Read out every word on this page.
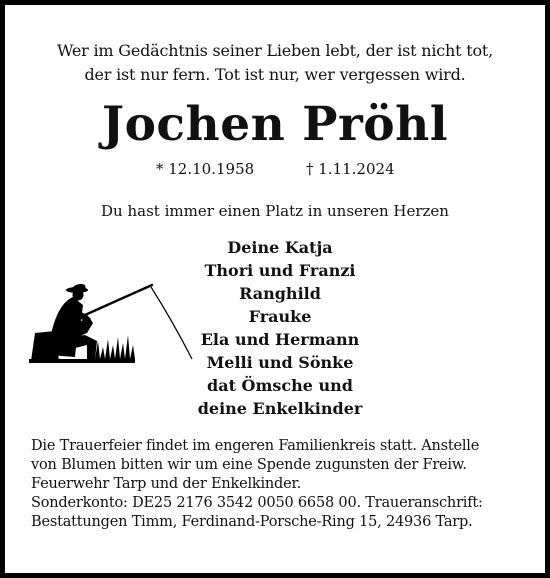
Wer im Gedächtnis seiner Lieben lebt, der ist nicht tot,
der ist nur fern. Tot ist nur, wer vergessen wird.
Jochen Pröhl
* 12.10.1958	† 1.11.2024
Du hast immer einen Platz in unseren Herzen
Deine Katja
Thori und Franzi
Ranghild
Frauke
Ela und Hermann
Melli und Sönke
dat Ömsche und
deine Enkelkinder
Die Trauerfeier findet im engeren Familienkreis statt. Anstelle
von Blumen bitten wir um eine Spende zugunsten der Freiw.
Feuerwehr Tarp und der Enkelkinder.
Sonderkonto: DE25 2176 3542 0050 6658 00. Traueranschrift:
Bestattungen Timm, Ferdinand-Porsche-Ring 15, 24936 Tarp.
